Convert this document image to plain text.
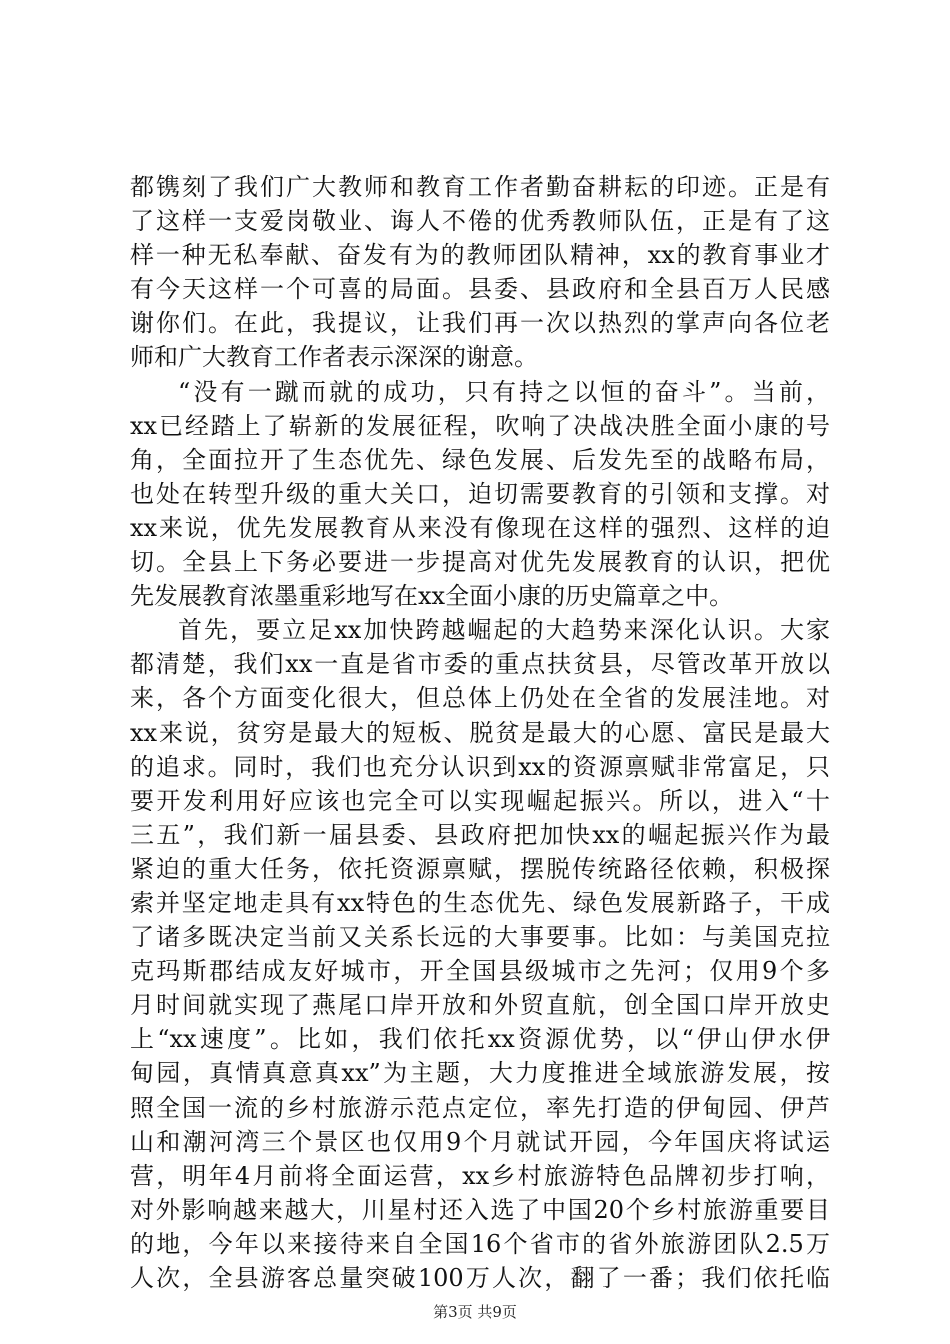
都镌刻了我们广大教师和教育工作者勤奋耕耘的印迹。正是有
了这样一支爱岗敬业、诲人不倦的优秀教师队伍，正是有了这
样一种无私奉献、奋发有为的教师团队精神，xx的教育事业才
有今天这样一个可喜的局面。县委、县政府和全县百万人民感
谢你们。在此，我提议，让我们再一次以热烈的掌声向各位老
师和广大教育工作者表示深深的谢意。
“没有一蹴而就的成功，只有持之以恒的奋斗”。当前，
xx已经踏上了崭新的发展征程，吹响了决战决胜全面小康的号
角，全面拉开了生态优先、绿色发展、后发先至的战略布局，
也处在转型升级的重大关口，迫切需要教育的引领和支撑。对
xx来说，优先发展教育从来没有像现在这样的强烈、这样的迫
切。全县上下务必要进一步提高对优先发展教育的认识，把优
先发展教育浓墨重彩地写在xx全面小康的历史篇章之中。
首先，要立足xx加快跨越崛起的大趋势来深化认识。大家
都清楚，我们xx一直是省市委的重点扶贫县，尽管改革开放以
来，各个方面变化很大，但总体上仍处在全省的发展洼地。对
xx来说，贫穷是最大的短板、脱贫是最大的心愿、富民是最大
的追求。同时，我们也充分认识到xx的资源禀赋非常富足，只
要开发利用好应该也完全可以实现崛起振兴。所以，进入“十
三五”，我们新一届县委、县政府把加快xx的崛起振兴作为最
紧迫的重大任务，依托资源禀赋，摆脱传统路径依赖，积极探
索并坚定地走具有xx特色的生态优先、绿色发展新路子，干成
了诸多既决定当前又关系长远的大事要事。比如：与美国克拉
克玛斯郡结成友好城市，开全国县级城市之先河；仅用9个多
月时间就实现了燕尾口岸开放和外贸直航，创全国口岸开放史
上“xx速度”。比如，我们依托xx资源优势，以“伊山伊水伊
甸园，真情真意真xx”为主题，大力度推进全域旅游发展，按
照全国一流的乡村旅游示范点定位，率先打造的伊甸园、伊芦
山和潮河湾三个景区也仅用9个月就试开园，今年国庆将试运
营，明年4月前将全面运营，xx乡村旅游特色品牌初步打响，
对外影响越来越大，川星村还入选了中国20个乡村旅游重要目
的地，今年以来接待来自全国16个省市的省外旅游团队2.5万
人次，全县游客总量突破100万人次，翻了一番；我们依托临
第3页 共9页
